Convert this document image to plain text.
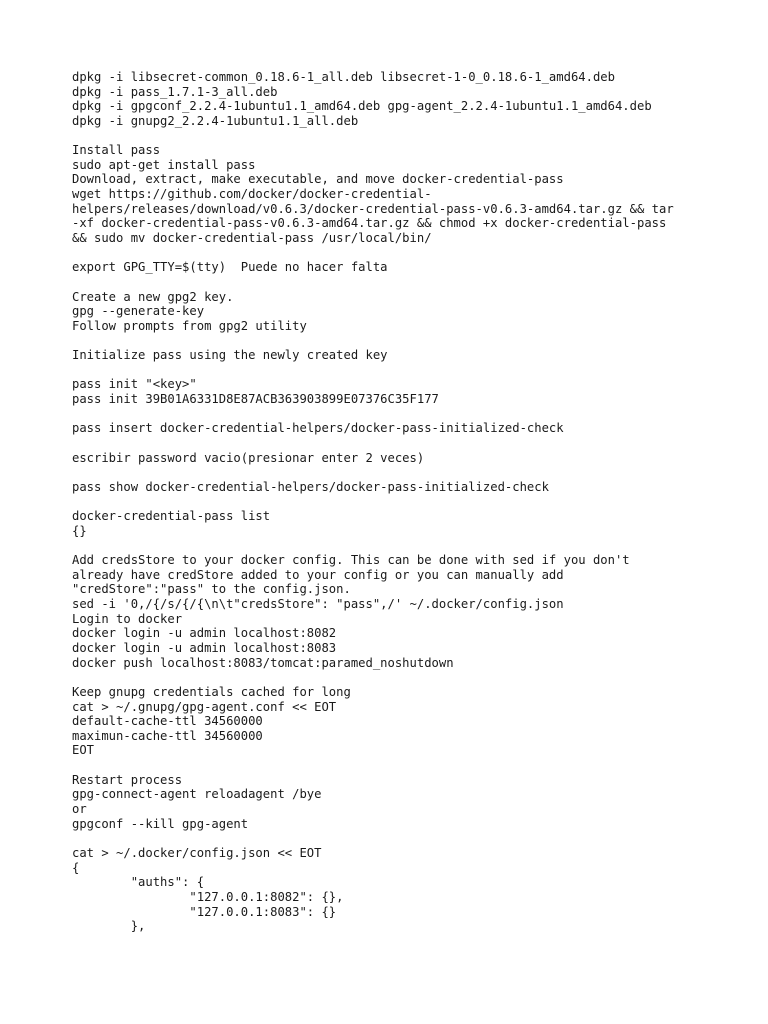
dpkg -i libsecret-common_0.18.6-1_all.deb libsecret-1-0_0.18.6-1_amd64.deb
dpkg -i pass_1.7.1-3_all.deb
dpkg -i gpgconf_2.2.4-1ubuntu1.1_amd64.deb gpg-agent_2.2.4-1ubuntu1.1_amd64.deb
dpkg -i gnupg2_2.2.4-1ubuntu1.1_all.deb
Install pass
sudo apt-get install pass
Download, extract, make executable, and move docker-credential-pass
wget https://github.com/docker/docker-credential-
helpers/releases/download/v0.6.3/docker-credential-pass-v0.6.3-amd64.tar.gz && tar
-xf docker-credential-pass-v0.6.3-amd64.tar.gz && chmod +x docker-credential-pass
&& sudo mv docker-credential-pass /usr/local/bin/
export GPG_TTY=$(tty)  Puede no hacer falta
Create a new gpg2 key.
gpg --generate-key
Follow prompts from gpg2 utility
Initialize pass using the newly created key
pass init "<key>"
pass init 39B01A6331D8E87ACB363903899E07376C35F177
pass insert docker-credential-helpers/docker-pass-initialized-check
escribir password vacio(presionar enter 2 veces)
pass show docker-credential-helpers/docker-pass-initialized-check
docker-credential-pass list
{}
Add credsStore to your docker config. This can be done with sed if you don't
already have credStore added to your config or you can manually add
"credStore":"pass" to the config.json.
sed -i '0,/{/s/{/{\n\t"credsStore": "pass",/' ~/.docker/config.json
Login to docker
docker login -u admin localhost:8082
docker login -u admin localhost:8083
docker push localhost:8083/tomcat:paramed_noshutdown
Keep gnupg credentials cached for long
cat > ~/.gnupg/gpg-agent.conf << EOT
default-cache-ttl 34560000
maximun-cache-ttl 34560000
EOT
Restart process
gpg-connect-agent reloadagent /bye
or
gpgconf --kill gpg-agent
cat > ~/.docker/config.json << EOT
{
"auths": {
"127.0.0.1:8082": {},
"127.0.0.1:8083": {}
},
